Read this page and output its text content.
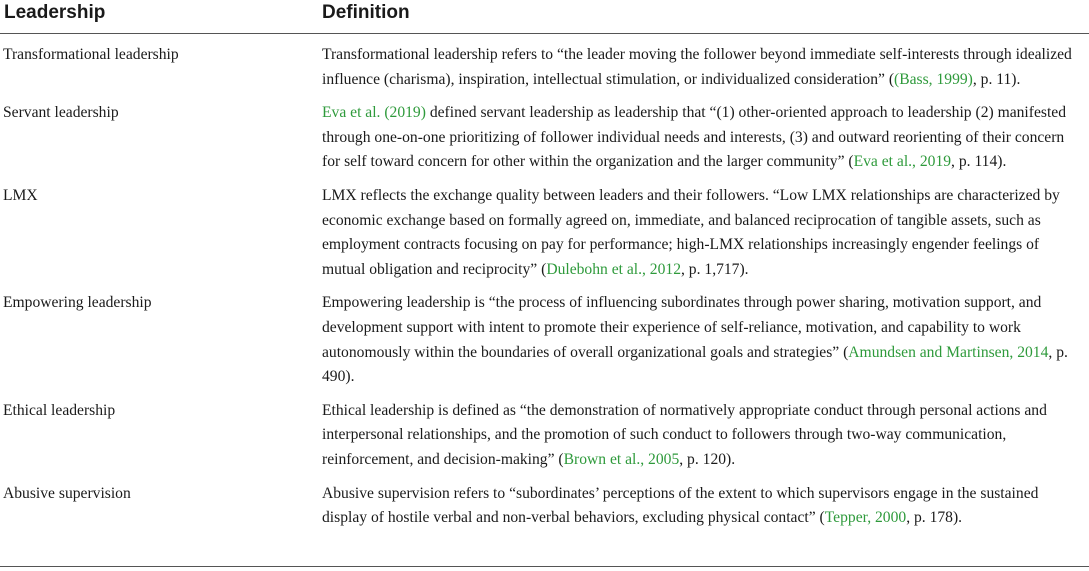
Leadership	Definition
Transformational leadership	Transformational leadership refers to “the leader moving the follower beyond immediate self-interests through idealized influence (charisma), inspiration, intellectual stimulation, or individualized consideration” ((Bass, 1999), p. 11).
Servant leadership	Eva et al. (2019) defined servant leadership as leadership that “(1) other-oriented approach to leadership (2) manifested through one-on-one prioritizing of follower individual needs and interests, (3) and outward reorienting of their concern for self toward concern for other within the organization and the larger community” (Eva et al., 2019, p. 114).
LMX	LMX reflects the exchange quality between leaders and their followers. “Low LMX relationships are characterized by economic exchange based on formally agreed on, immediate, and balanced reciprocation of tangible assets, such as employment contracts focusing on pay for performance; high-LMX relationships increasingly engender feelings of mutual obligation and reciprocity” (Dulebohn et al., 2012, p. 1,717).
Empowering leadership	Empowering leadership is “the process of influencing subordinates through power sharing, motivation support, and development support with intent to promote their experience of self-reliance, motivation, and capability to work autonomously within the boundaries of overall organizational goals and strategies” (Amundsen and Martinsen, 2014, p. 490).
Ethical leadership	Ethical leadership is defined as “the demonstration of normatively appropriate conduct through personal actions and interpersonal relationships, and the promotion of such conduct to followers through two-way communication, reinforcement, and decision-making” (Brown et al., 2005, p. 120).
Abusive supervision	Abusive supervision refers to “subordinates’ perceptions of the extent to which supervisors engage in the sustained display of hostile verbal and non-verbal behaviors, excluding physical contact” (Tepper, 2000, p. 178).
